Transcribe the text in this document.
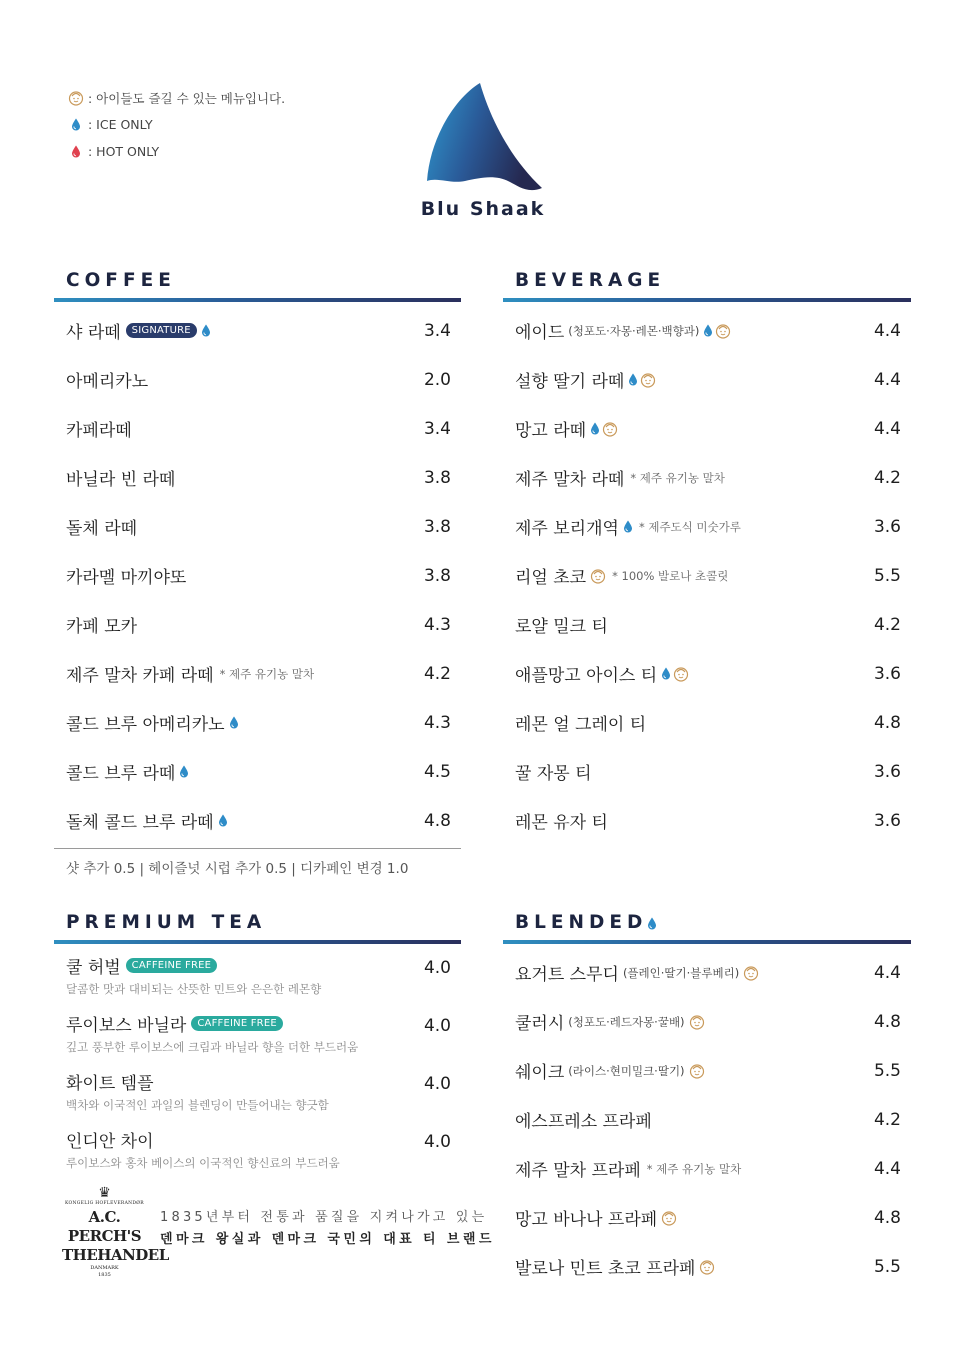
: 아이들도 즐길 수 있는 메뉴입니다.
: ICE ONLY
: HOT ONLY
Blu Shaak
COFFEE
샤 라떼	SIGNATURE	3.4
아메리카노	2.0
카페라떼	3.4
바닐라 빈 라떼	3.8
돌체 라떼	3.8
카라멜 마끼야또	3.8
카페 모카	4.3
제주 말차 카페 라떼 * 제주 유기농 말차	4.2
콜드 브루 아메리카노	4.3
콜드 브루 라떼	4.5
돌체 콜드 브루 라떼	4.8
샷 추가 0.5 | 헤이즐넛 시럽 추가 0.5 | 디카페인 변경 1.0
BEVERAGE
에이드 (청포도·자몽·레몬·백향과)	4.4
설향 딸기 라떼	4.4
망고 라떼	4.4
제주 말차 라떼 * 제주 유기농 말차	4.2
제주 보리개역 * 제주도식 미숫가루	3.6
리얼 초코 * 100% 발로나 초콜릿	5.5
로얄 밀크 티	4.2
애플망고 아이스 티	3.6
레몬 얼 그레이 티	4.8
꿀 자몽 티	3.6
레몬 유자 티	3.6
PREMIUM TEA
쿨 허벌	CAFFEINE FREE	4.0
달콤한 맛과 대비되는 산뜻한 민트와 은은한 레몬향
루이보스 바닐라	CAFFEINE FREE	4.0
깊고 풍부한 루이보스에 크림과 바닐라 향을 더한 부드러움
화이트 템플	4.0
백차와 이국적인 과일의 블렌딩이 만들어내는 향긋함
인디안 차이	4.0
루이보스와 홍차 베이스의 이국적인 향신료의 부드러움
♛
KONGELIG HOFLEVERANDØR
A.C. PERCH'S
THEHANDEL
DANMARK
1835
1835년부터 전통과 품질을 지켜나가고 있는
덴마크 왕실과 덴마크 국민의 대표 티 브랜드
BLENDED
요거트 스무디 (플레인·딸기·블루베리)	4.4
쿨러시 (청포도·레드자몽·꿀배)	4.8
쉐이크 (라이스·현미밀크·딸기)	5.5
에스프레소 프라페	4.2
제주 말차 프라페 * 제주 유기농 말차	4.4
망고 바나나 프라페	4.8
발로나 민트 초코 프라페	5.5
